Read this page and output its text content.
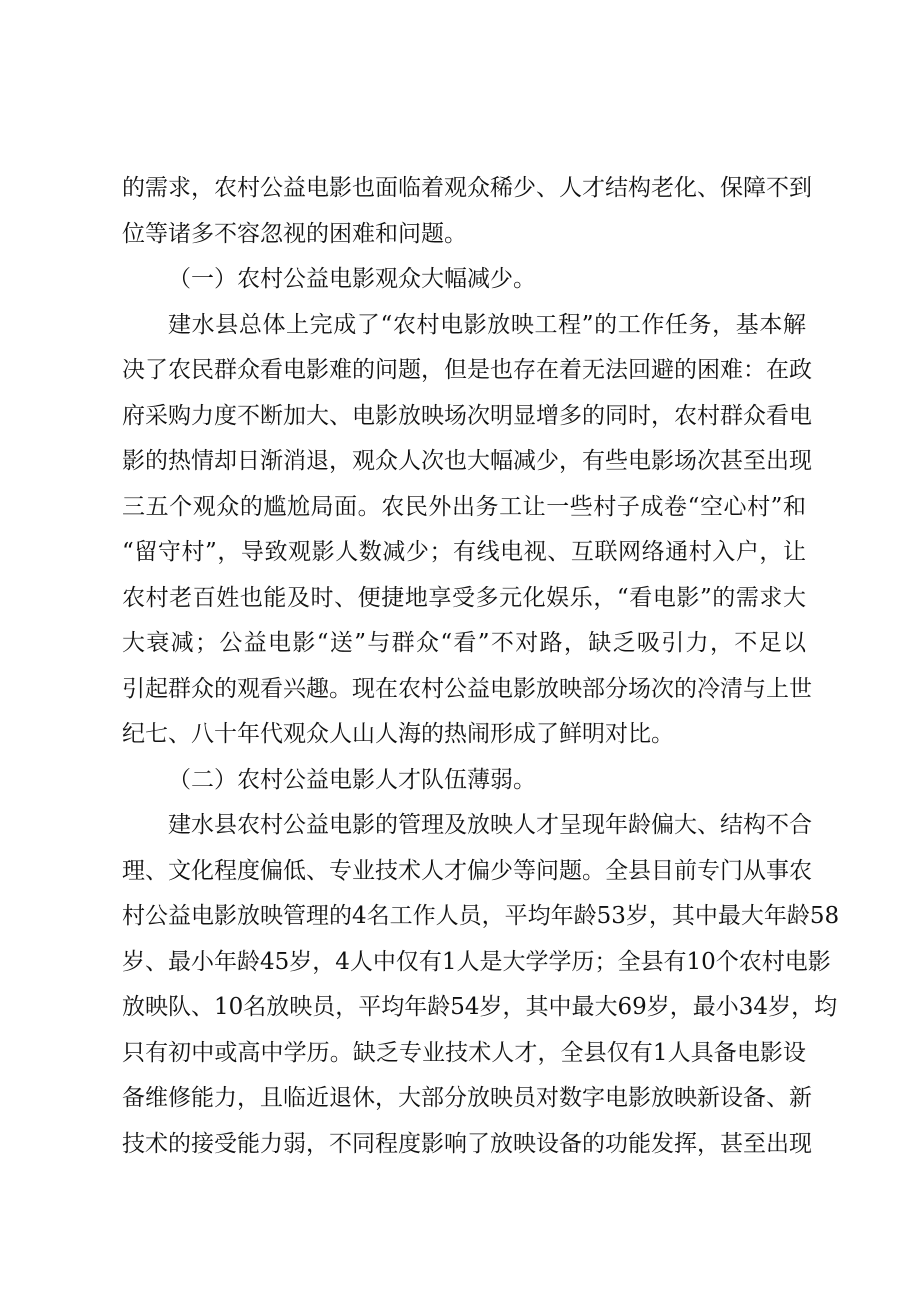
的需求，农村公益电影也面临着观众稀少、人才结构老化、保障不到
位等诸多不容忽视的困难和问题。
（一）农村公益电影观众大幅减少。
建水县总体上完成了“农村电影放映工程”的工作任务，基本解
决了农民群众看电影难的问题，但是也存在着无法回避的困难：在政
府采购力度不断加大、电影放映场次明显增多的同时，农村群众看电
影的热情却日渐消退，观众人次也大幅减少，有些电影场次甚至出现
三五个观众的尴尬局面。农民外出务工让一些村子成卷“空心村”和
“留守村”，导致观影人数减少；有线电视、互联网络通村入户，让
农村老百姓也能及时、便捷地享受多元化娱乐，“看电影”的需求大
大衰减；公益电影“送”与群众“看”不对路，缺乏吸引力，不足以
引起群众的观看兴趣。现在农村公益电影放映部分场次的冷清与上世
纪七、八十年代观众人山人海的热闹形成了鲜明对比。
（二）农村公益电影人才队伍薄弱。
建水县农村公益电影的管理及放映人才呈现年龄偏大、结构不合
理、文化程度偏低、专业技术人才偏少等问题。全县目前专门从事农
村公益电影放映管理的4名工作人员，平均年龄53岁，其中最大年龄58
岁、最小年龄45岁，4人中仅有1人是大学学历；全县有10个农村电影
放映队、10名放映员，平均年龄54岁，其中最大69岁，最小34岁，均
只有初中或高中学历。缺乏专业技术人才，全县仅有1人具备电影设
备维修能力，且临近退休，大部分放映员对数字电影放映新设备、新
技术的接受能力弱，不同程度影响了放映设备的功能发挥，甚至出现
